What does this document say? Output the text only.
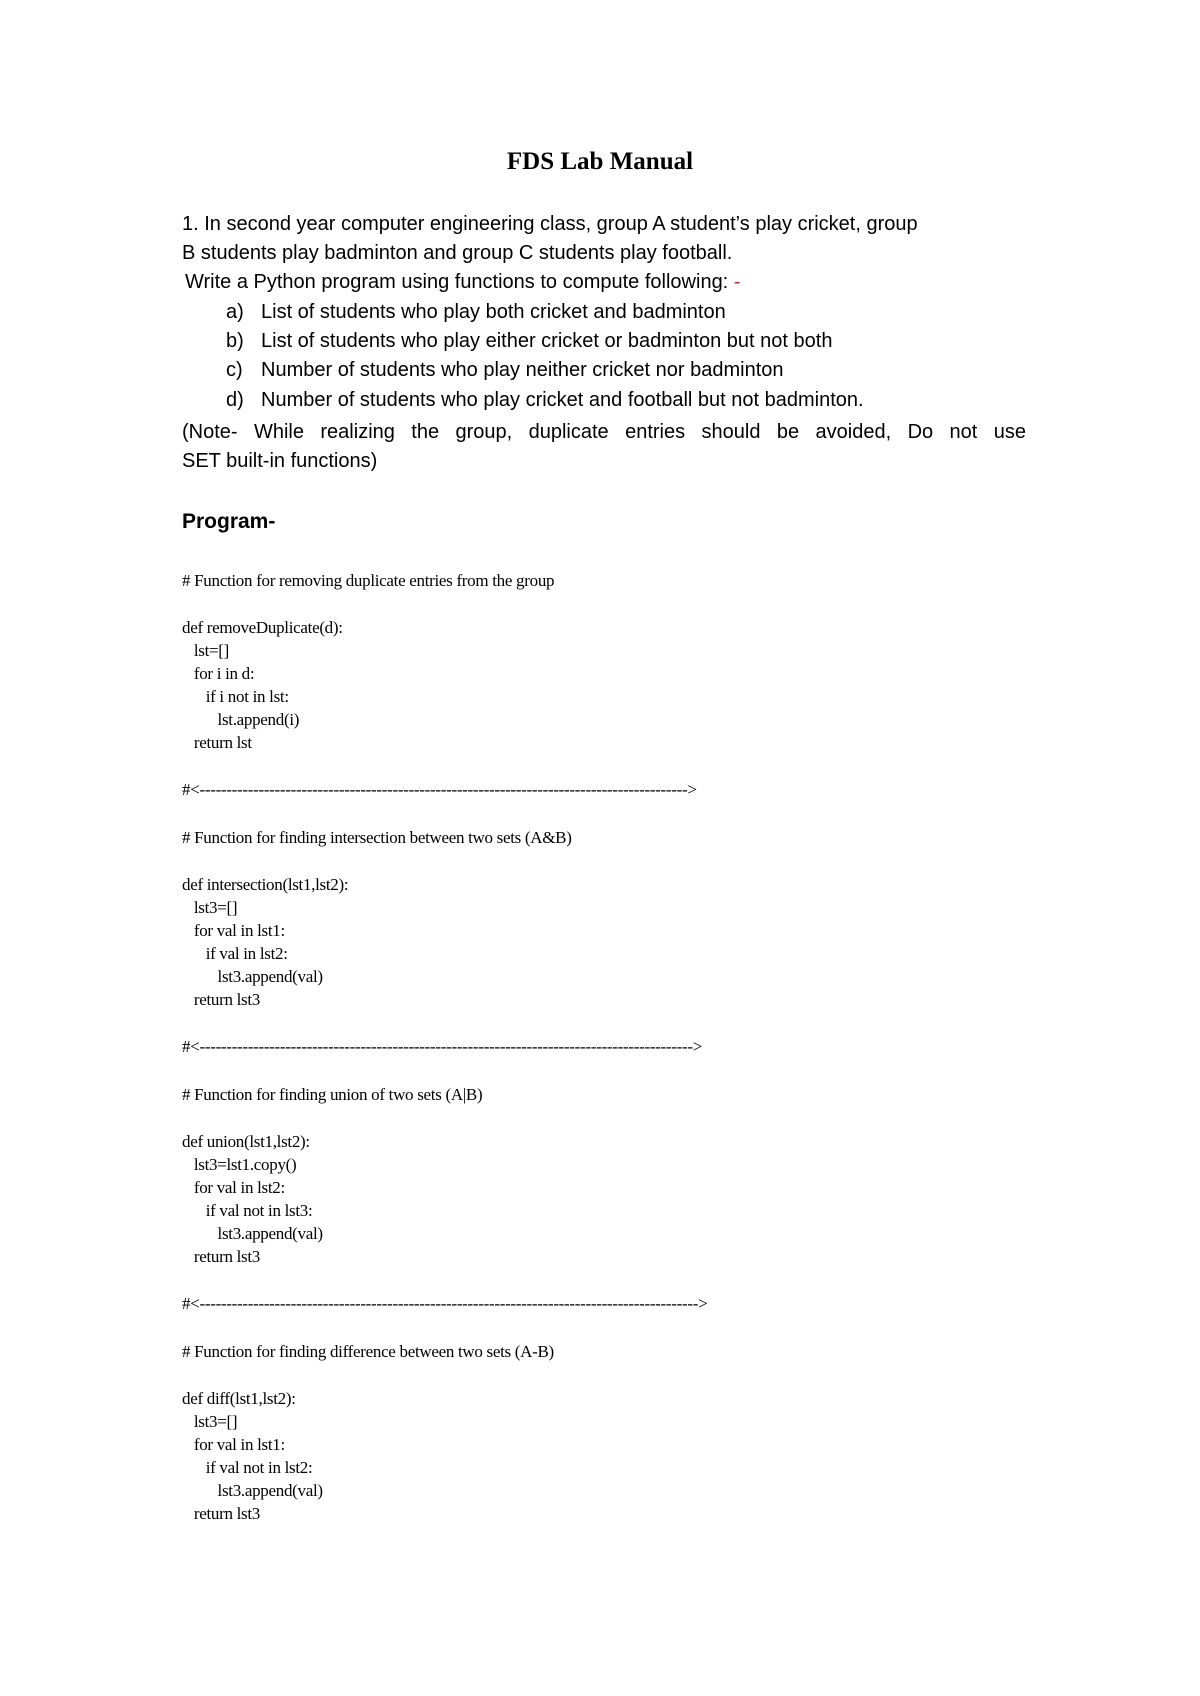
FDS Lab Manual
1. In second year computer engineering class, group A student’s play cricket, group
B students play badminton and group C students play football.
Write a Python program using functions to compute following: -
a) List of students who play both cricket and badminton
b) List of students who play either cricket or badminton but not both
c) Number of students who play neither cricket nor badminton
d) Number of students who play cricket and football but not badminton.
(Note- While realizing the group, duplicate entries should be avoided, Do not use
SET built-in functions)
Program-
# Function for removing duplicate entries from the group
def removeDuplicate(d):
lst=[]
for i in d:
if i not in lst:
lst.append(i)
return lst
#<------------------------------------------------------------------------------------------->
# Function for finding intersection between two sets (A&B)
def intersection(lst1,lst2):
lst3=[]
for val in lst1:
if val in lst2:
lst3.append(val)
return lst3
#<-------------------------------------------------------------------------------------------->
# Function for finding union of two sets (A|B)
def union(lst1,lst2):
lst3=lst1.copy()
for val in lst2:
if val not in lst3:
lst3.append(val)
return lst3
#<--------------------------------------------------------------------------------------------->
# Function for finding difference between two sets (A-B)
def diff(lst1,lst2):
lst3=[]
for val in lst1:
if val not in lst2:
lst3.append(val)
return lst3
